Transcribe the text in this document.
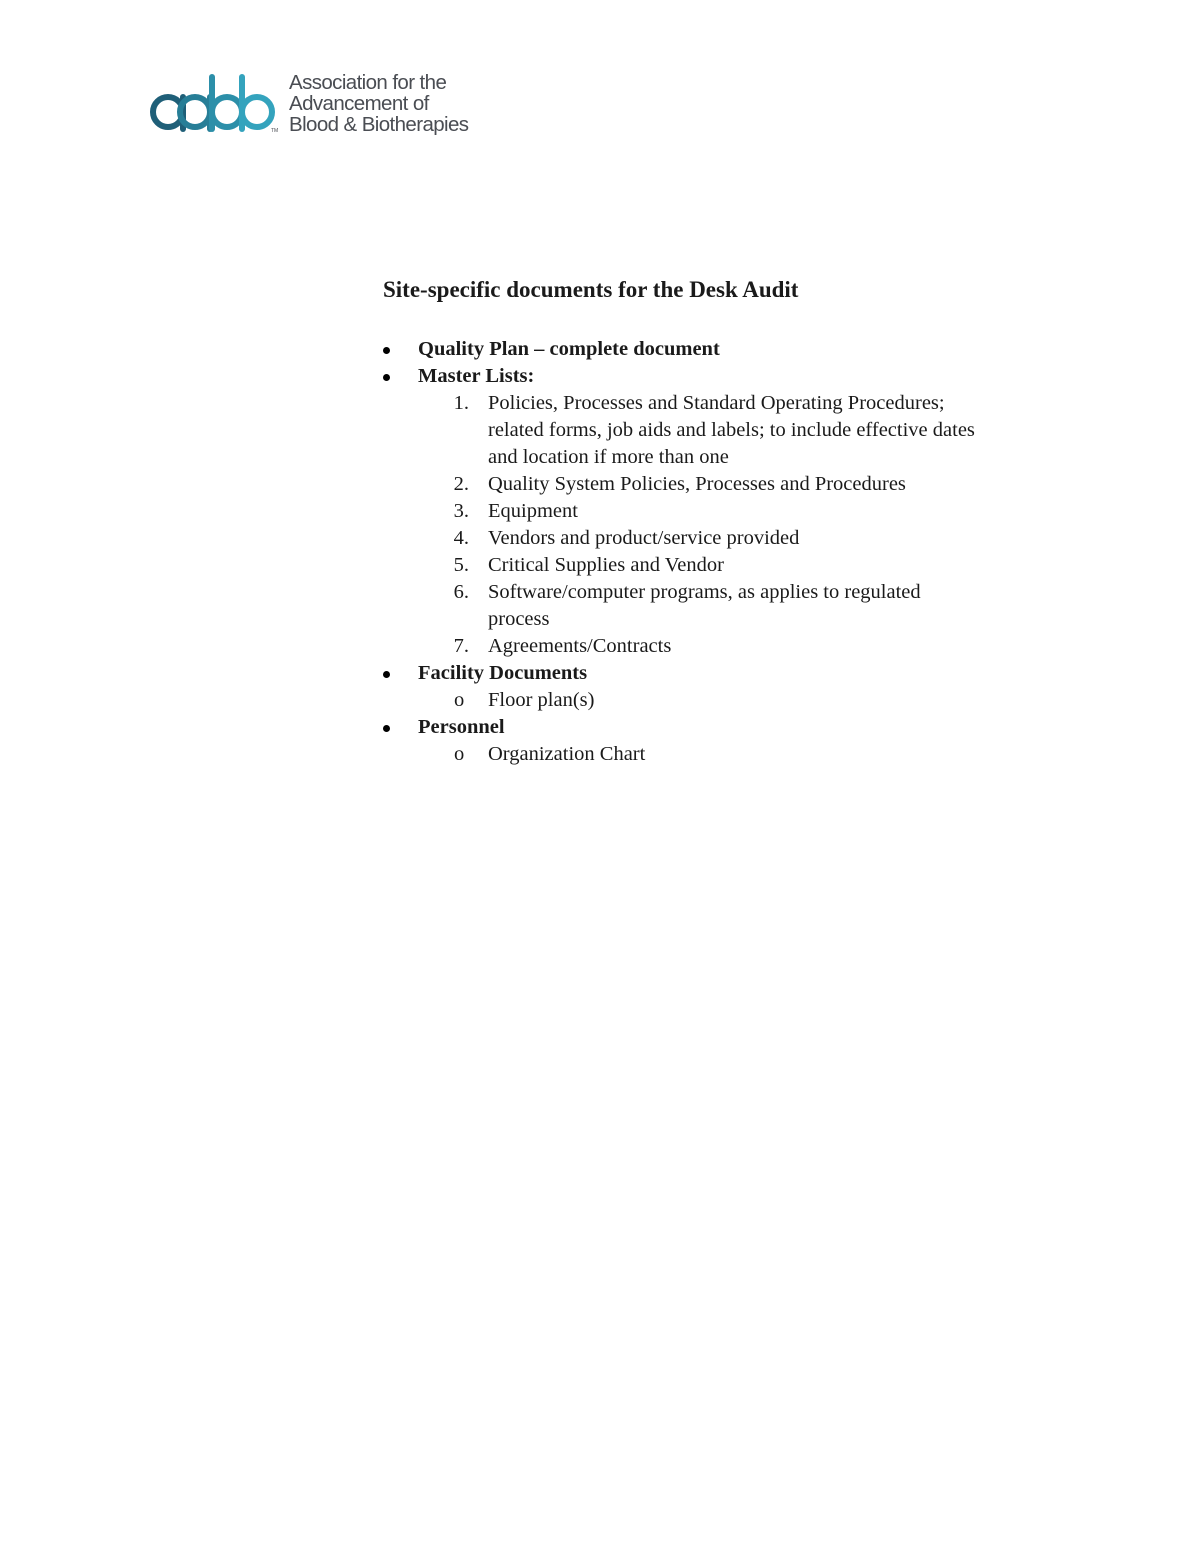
TM
Association for the
Advancement of
Blood & Biotherapies
Site-specific documents for the Desk Audit
Quality Plan – complete document
Master Lists:
1. Policies, Processes and Standard Operating Procedures;
related forms, job aids and labels; to include effective dates
and location if more than one
2. Quality System Policies, Processes and Procedures
3. Equipment
4. Vendors and product/service provided
5. Critical Supplies and Vendor
6. Software/computer programs, as applies to regulated
process
7. Agreements/Contracts
Facility Documents
o Floor plan(s)
Personnel
o Organization Chart
